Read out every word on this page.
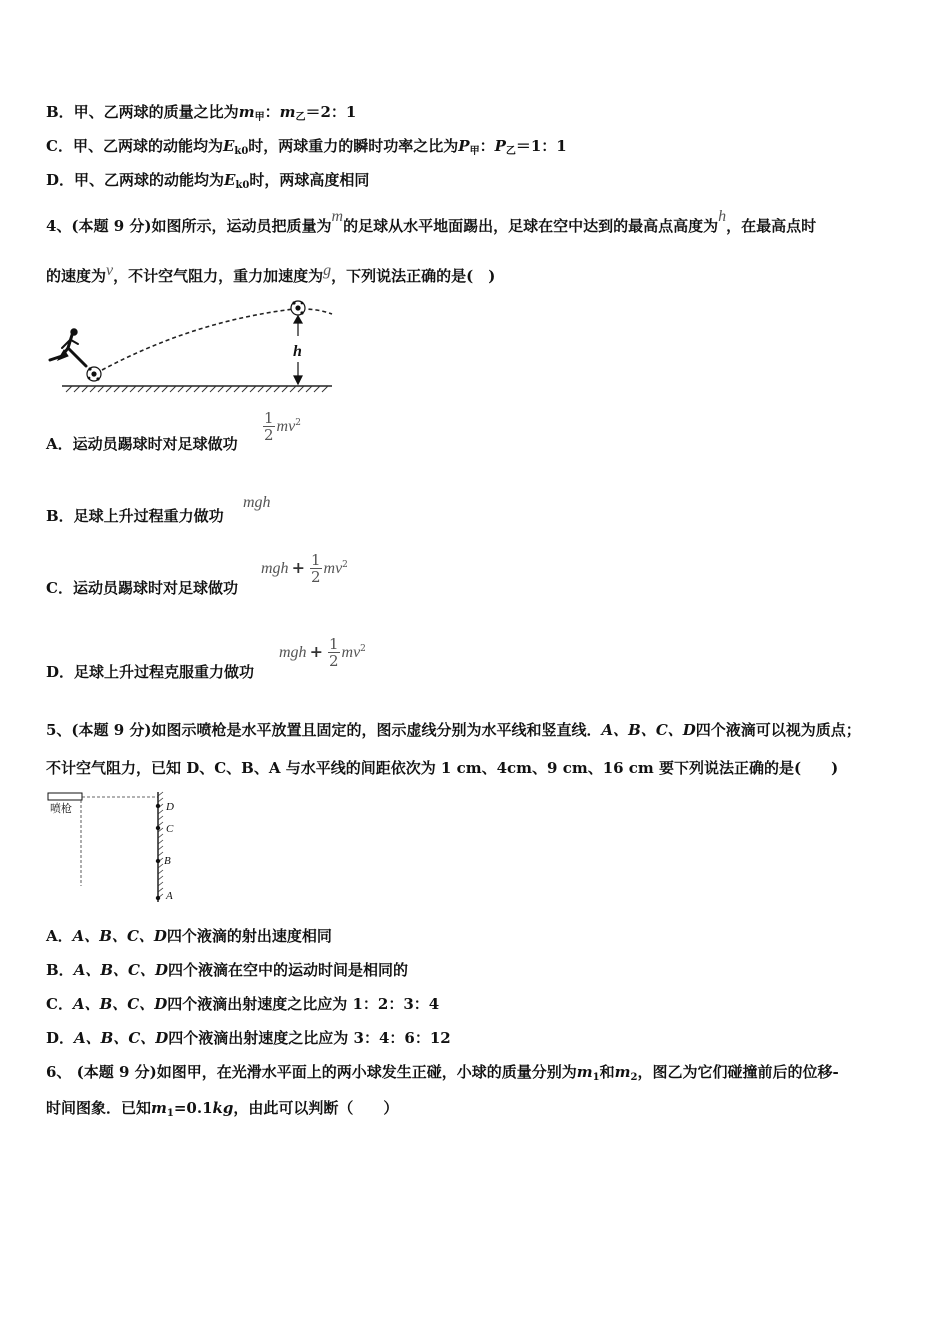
B．甲、乙两球的质量之比为$m_甲$：$m_乙=2$：1
C．甲、乙两球的动能均为$E_{k0}$时，两球重力的瞬时功率之比为$P_甲$：$P_乙=1$：1
D．甲、乙两球的动能均为$E_{k0}$时，两球高度相同
4、(本题 9 分)如图所示，运动员把质量为m的足球从水平地面踢出，足球在空中达到的最高点高度为h，在最高点时
的速度为v，不计空气阻力，重力加速度为g，下列说法正确的是(　)
h
A．运动员踢球时对足球做功
$\frac{1}{2} mv^2$
B．足球上升过程重力做功
mgh
C．运动员踢球时对足球做功
mgh + $\frac{1}{2} mv^2$
D．足球上升过程克服重力做功
mgh + $\frac{1}{2} mv^2$
5、(本题 9 分)如图示喷枪是水平放置且固定的，图示虚线分别为水平线和竖直线．A、B、C、D四个液滴可以视为质点；
不计空气阻力，已知 D、C、B、A 与水平线的间距依次为 1 cm、4cm、9 cm、16 cm 要下列说法正确的是(　　)
喷枪	D
C
B
A
A．A、B、C、D四个液滴的射出速度相同
B．A、B、C、D四个液滴在空中的运动时间是相同的
C．A、B、C、D四个液滴出射速度之比应为 1：2：3：4
D．A、B、C、D四个液滴出射速度之比应为 3：4：6：12
6、 (本题 9 分)如图甲，在光滑水平面上的两小球发生正碰，小球的质量分别为$m_1$和$m_2$，图乙为它们碰撞前后的位移-
时间图象．已知$m_1=0.1kg$，由此可以判断（　　）
